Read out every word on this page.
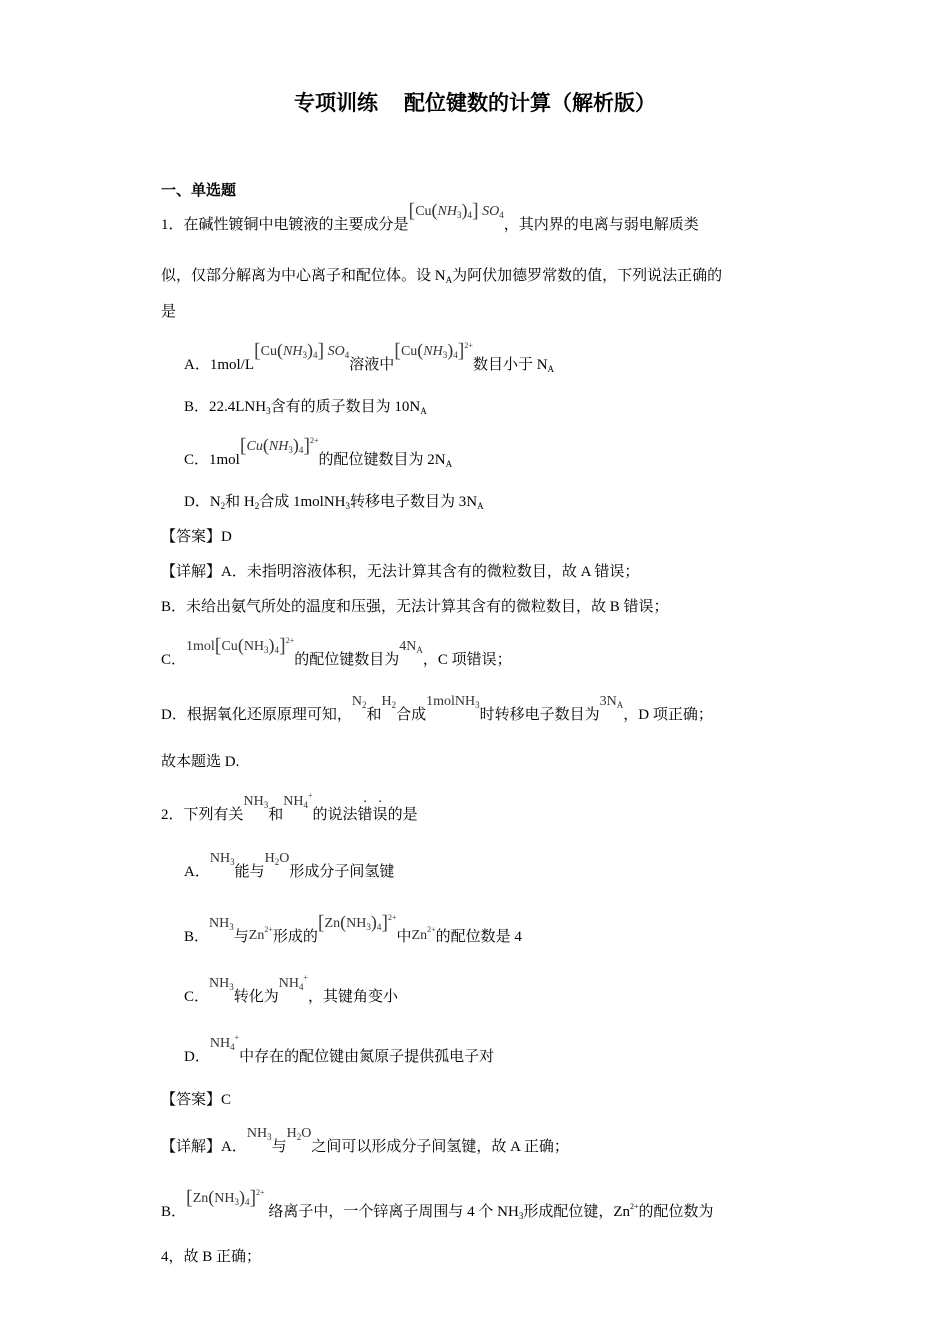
专项训练 配位键数的计算（解析版）
一、单选题
1．在碱性镀铜中电镀液的主要成分是$[Cu(NH_3)_4]$ $SO_4$，其内界的电离与弱电解质类
似，仅部分解离为中心离子和配位体。设 $N_A$为阿伏加德罗常数的值，下列说法正确的
是
A．$1mol/L[Cu(NH_3)_4]$ $SO_4$溶液中$[Cu(NH_3)_4]^{2+}$数目小于 $N_A$
B．$22.4LNH_3$含有的质子数目为 $10N_A$
C．$1mol[Cu(NH_3)_4]^{2+}$的配位键数目为 $2N_A$
D．$N_2$和 $H_2$合成 1molNH$_3$转移电子数目为 $3N_A$
【答案】D
【详解】A．未指明溶液体积，无法计算其含有的微粒数目，故 A 错误；
B．未给出氨气所处的温度和压强，无法计算其含有的微粒数目，故 B 错误；
C．$1mol[Cu(NH_3)_4]^{2+}$的配位键数目为$4N_A$，C 项错误；
D．根据氧化还原原理可知，$N_2$和$H_2$合成1molNH$_3$时转移电子数目为$3N_A$，D 项正确；
故本题选 D.
2．下列有关$NH_3$和$NH_4^+$的说法错误的是
A．$NH_3$能与$H_2O$形成分子间氢键
B．$NH_3$与$Zn^{2+}$形成的$[Zn(NH_3)_4]^{2+}$中$Zn^{2+}$的配位数是 4
C．$NH_3$转化为$NH_4^+$，其键角变小
D．$NH_4^+$中存在的配位键由氮原子提供孤电子对
【答案】C
【详解】A．$NH_3$与$H_2O$之间可以形成分子间氢键，故 A 正确；
B．$[Zn(NH_3)_4]^{2+}$ 络离子中，一个锌离子周围与 4 个 $NH_3$形成配位键，$Zn^{2+}$的配位数为
4，故 B 正确；
